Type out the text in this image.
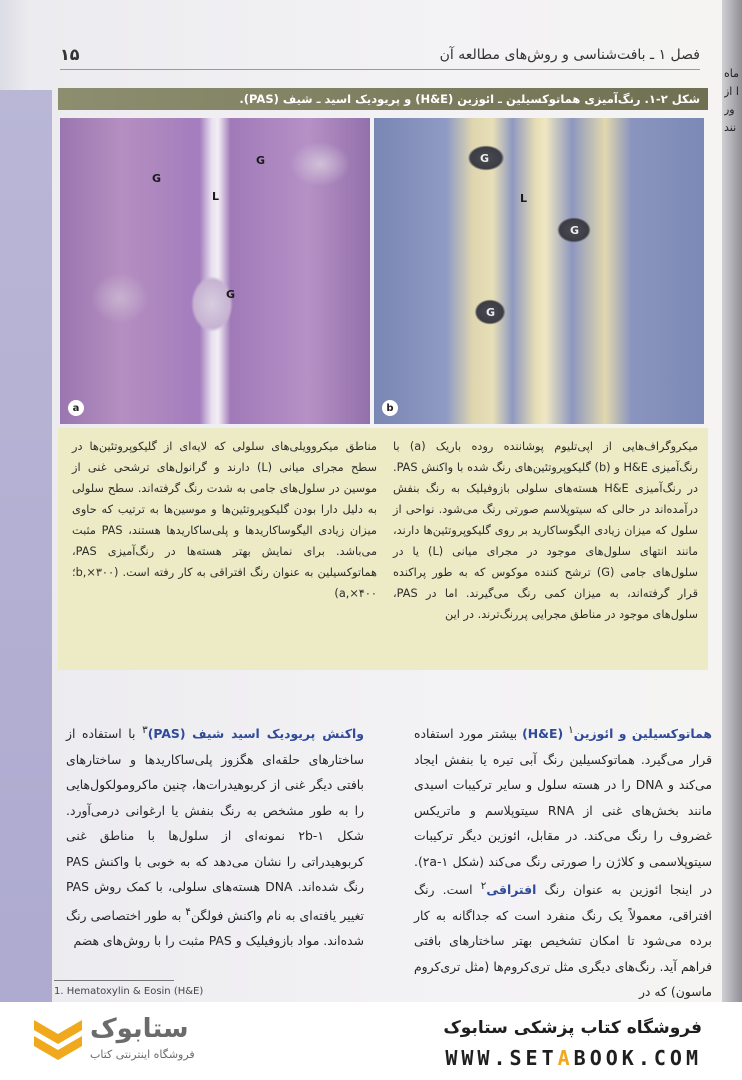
ماه ا از ور نند
فصل ۱ ـ بافت‌شناسی و روش‌های مطالعه آن
۱۵
شکل ۲-۱. رنگ‌آمیزی هماتوکسیلین ـ ائوزین (H&E) و پریودیک اسید ـ شیف (PAS).
G
G
L
G
a
G
L
G
G
b

میکروگراف‌هایی از اپی‌تلیوم پوشاننده روده باریک (a) با رنگ‌آمیزی H&E و (b) گلیکوپروتئین‌های رنگ شده با واکنش PAS. در رنگ‌آمیزی H&E هسته‌های سلولی بازوفیلیک به رنگ بنفش درآمده‌اند در حالی که سیتوپلاسم صورتی رنگ می‌شود. نواحی از سلول که میزان زیادی الیگوساکارید بر روی گلیکوپروتئین‌ها دارند، مانند انتهای سلول‌های موجود در مجرای میانی (L) یا در سلول‌های جامی (G) ترشح کننده موکوس که به طور پراکنده قرار گرفته‌اند، به میزان کمی رنگ می‌گیرند. اما در PAS، سلول‌های موجود در مناطق مجرایی پررنگ‌ترند. در این

مناطق میکروویلی‌های سلولی که لایه‌ای از گلیکوپروتئین‌ها در سطح مجرای میانی (L) دارند و گرانول‌های ترشحی غنی از موسین در سلول‌های جامی به شدت رنگ گرفته‌اند. سطح سلولی به دلیل دارا بودن گلیکوپروتئین‌ها و موسین‌ها به ترتیب که حاوی میزان زیادی الیگوساکاریدها و پلی‌ساکاریدها هستند، PAS مثبت می‌باشد. برای نمایش بهتر هسته‌ها در رنگ‌آمیزی PAS، هماتوکسیلین به عنوان رنگ افتراقی به کار رفته است. (b,×۳۰۰؛ a,×۴۰۰)

هماتوکسیلین و ائوزین$^۱$ (H&E) بیشتر مورد استفاده قرار می‌گیرد. هماتوکسیلین رنگ آبی تیره یا بنفش ایجاد می‌کند و DNA را در هسته سلول و سایر ترکیبات اسیدی مانند بخش‌های غنی از RNA سیتوپلاسم و ماتریکس غضروف را رنگ می‌کند. در مقابل، ائوزین دیگر ترکیبات سیتوپلاسمی و کلاژن را صورتی رنگ می‌کند (شکل ۲a-۱). در اینجا ائوزین به عنوان رنگ افتراقی$^۲$ است. رنگ افتراقی، معمولاً یک رنگ منفرد است که جداگانه به کار برده می‌شود تا امکان تشخیص بهتر ساختارهای بافتی فراهم آید. رنگ‌های دیگری مثل تری‌کروم‌ها (مثل تری‌کروم ماسون) که در
واکنش پریودیک اسید شیف (PAS)$^۳$ با استفاده از ساختارهای حلقه‌ای هگزوز پلی‌ساکاریدها و ساختارهای بافتی دیگر غنی از کربوهیدرات‌ها، چنین ماکرومولکول‌هایی را به طور مشخص به رنگ بنفش یا ارغوانی درمی‌آورد. شکل ۱-۲b نمونه‌ای از سلول‌ها با مناطق غنی کربوهیدراتی را نشان می‌دهد که به خوبی با واکنش PAS رنگ شده‌اند. DNA هسته‌های سلولی، با کمک روش PAS تغییر یافته‌ای به نام واکنش فولگن$^۴$ به طور اختصاصی رنگ شده‌اند. مواد بازوفیلیک و PAS مثبت را با روش‌های هضم
1. Hematoxylin & Eosin (H&E)
ستابوک
فروشگاه اینترنتی کتاب
فروشگاه کتاب پزشکی ستابوک
WWW.SETABOOK.COM
